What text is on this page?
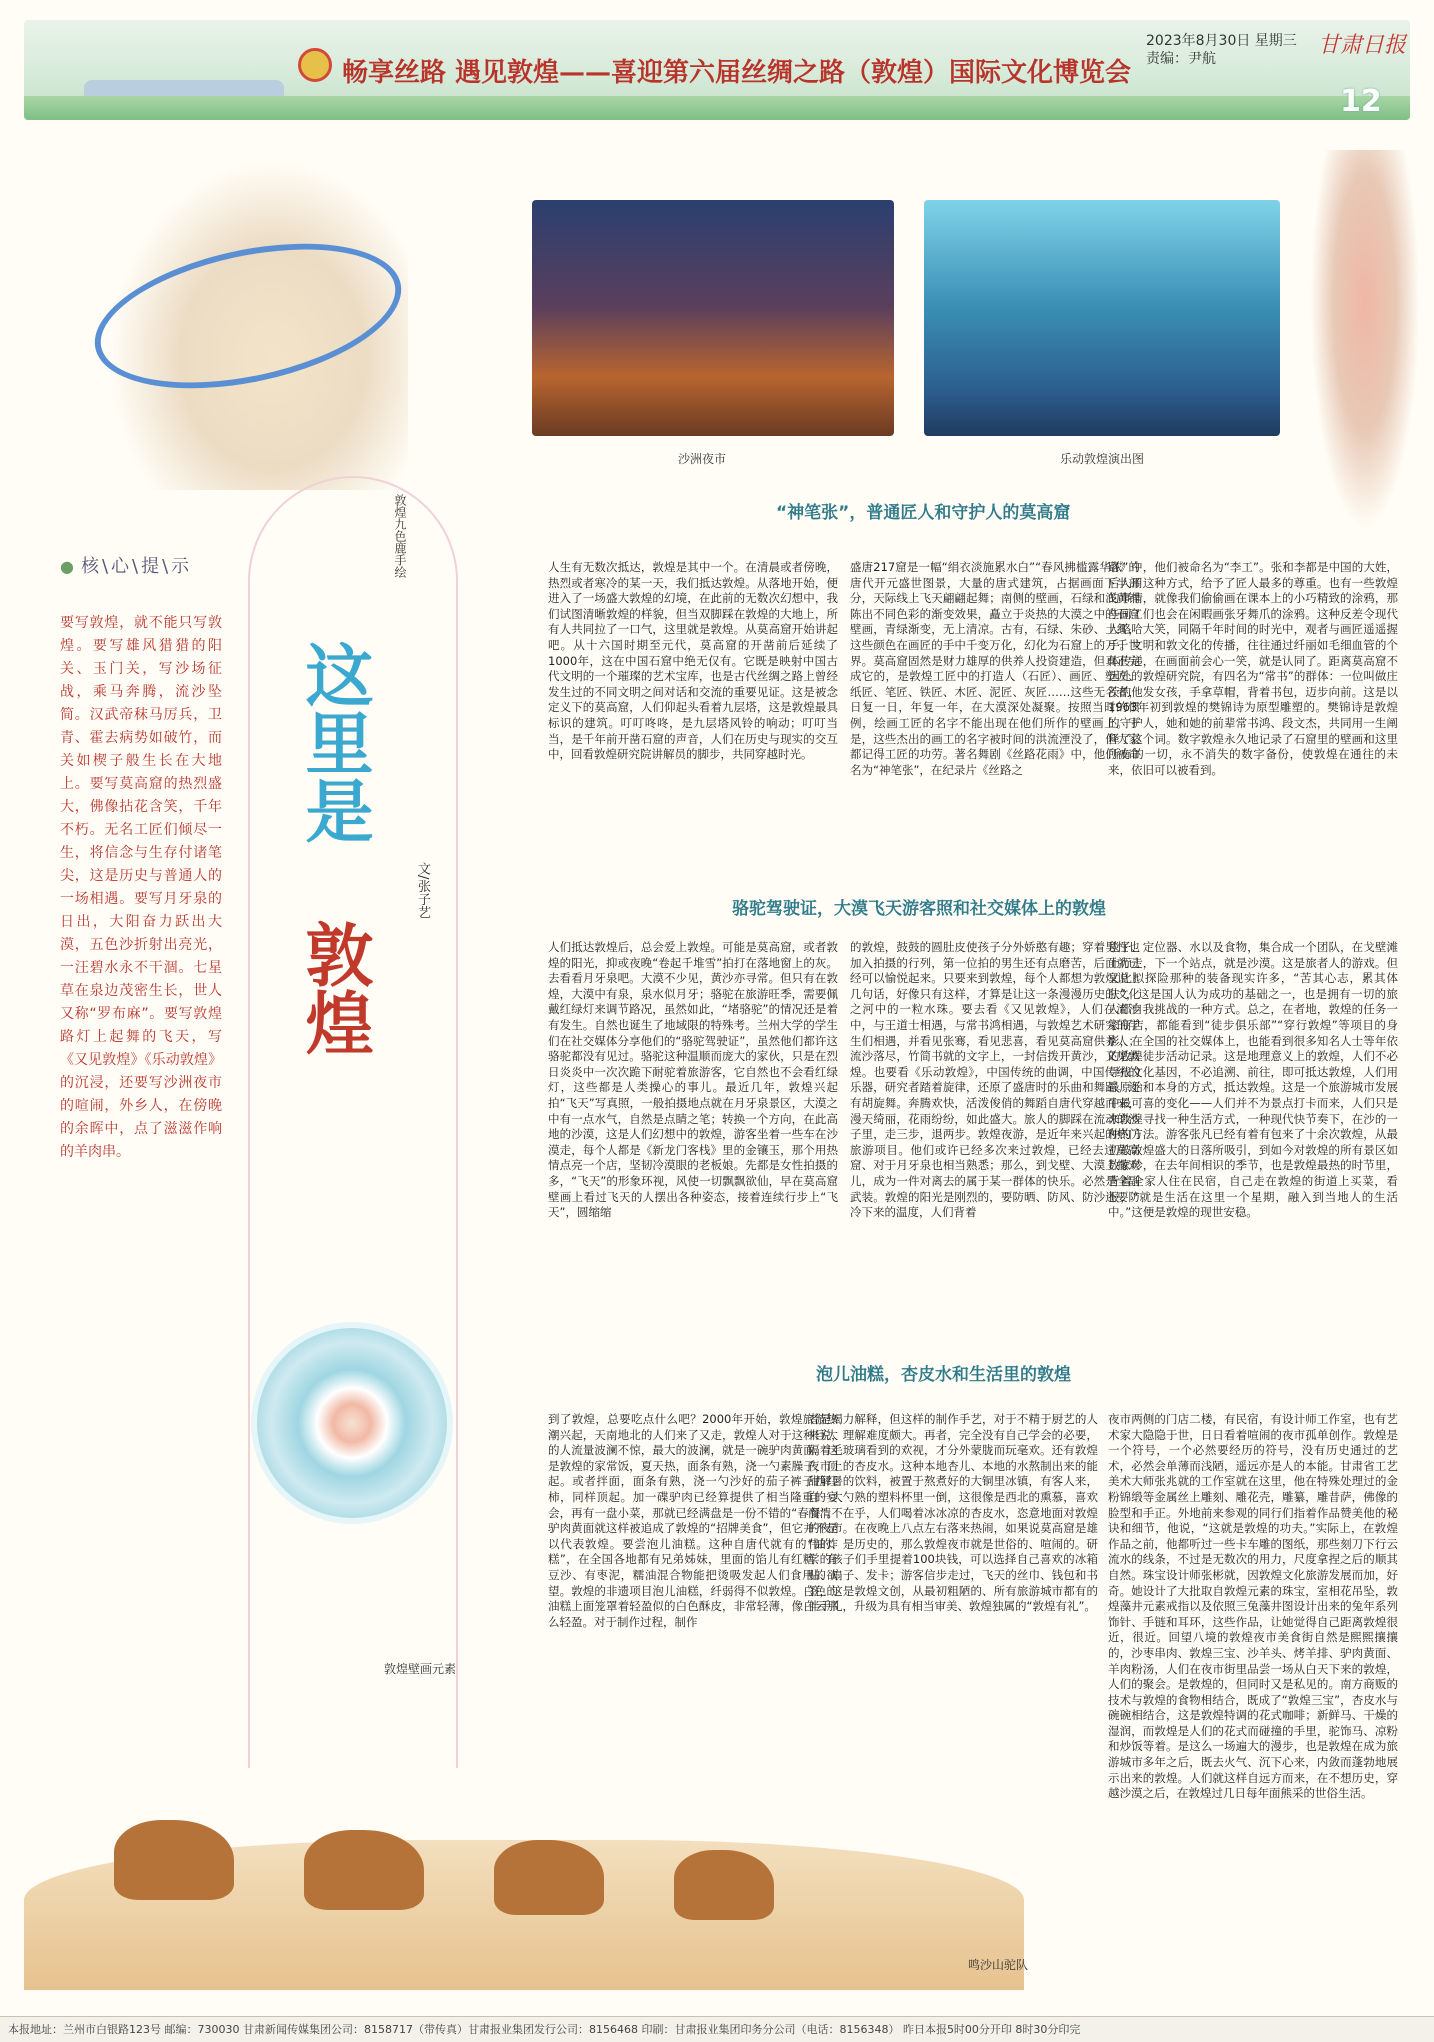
畅享丝路 遇见敦煌——喜迎第六届丝绸之路（敦煌）国际文化博览会
2023年8月30日 星期三
责编：尹航
甘肃日报
12
敦煌九色鹿手绘
沙洲夜市	乐动敦煌演出图
这里是
敦煌
文/张子艺
● 核\心\提\示
要写敦煌，就不能只写敦煌。要写雄风猎猎的阳关、玉门关，写沙场征战，乘马奔腾，流沙坠简。汉武帝秣马厉兵，卫青、霍去病势如破竹，而关如楔子般生长在大地上。要写莫高窟的热烈盛大，佛像拈花含笑，千年不朽。无名工匠们倾尽一生，将信念与生存付诸笔尖，这是历史与普通人的一场相遇。要写月牙泉的日出，大阳奋力跃出大漠，五色沙折射出亮光，一汪碧水永不干涸。七星草在泉边茂密生长，世人又称“罗布麻”。要写敦煌路灯上起舞的飞天，写《又见敦煌》《乐动敦煌》的沉浸，还要写沙洲夜市的喧闹，外乡人，在傍晚的余晖中，点了滋滋作响的羊肉串。
“神笔张”，普通匠人和守护人的莫高窟
人生有无数次抵达，敦煌是其中一个。在清晨或者傍晚，热烈或者寒冷的某一天，我们抵达敦煌。从落地开始，便进入了一场盛大敦煌的幻境，在此前的无数次幻想中，我们试图清晰敦煌的样貌，但当双脚踩在敦煌的大地上，所有人共同拉了一口气，这里就是敦煌。从莫高窟开始讲起吧。从十六国时期至元代，莫高窟的开凿前后延续了1000年，这在中国石窟中绝无仅有。它既是映射中国古代文明的一个璀璨的艺术宝库，也是古代丝绸之路上曾经发生过的不同文明之间对话和交流的重要见证。这是被念定义下的莫高窟，人们仰起头看着九层塔，这是敦煌最具标识的建筑。叮叮咚咚，是九层塔风铃的响动；叮叮当当，是千年前开凿石窟的声音，人们在历史与现实的交互中，回看敦煌研究院讲解员的脚步，共同穿越时光。
盛唐217窟是一幅“绢衣淡施累水白”“春风拂槛露华浓”的唐代开元盛世图景，大量的唐式建筑，占据画面下半部分，天际线上飞天翩翩起舞；南侧的壁画，石绿和浅黄铺陈出不同色彩的渐变效果，矗立于炎热的大漠之中的石窟壁画，青绿渐变，无上清凉。古有，石绿、朱砂、土红，这些颜色在画匠的手中千变万化，幻化为石窟上的万千世界。莫高窟固然是财力雄厚的供养人投资建造，但真正完成它的，是敦煌工匠中的打造人（石匠）、画匠、塑匠、纸匠、笔匠、铁匠、木匠、泥匠、灰匠……这些无名者，日复一日，年复一年，在大漠深处凝聚。按照当时的惯例，绘画工匠的名字不能出现在他们所作的壁画上。于是，这些杰出的画工的名字被时间的洪流湮没了，但大家都记得工匠的功劳。著名舞剧《丝路花雨》中，他们被命名为“神笔张”，在纪录片《丝路之
路》中，他们被命名为“李工”。张和李都是中国的大姓，后人用这种方式，给予了匠人最多的尊重。也有一些敦煌的事情，就像我们偷偷画在课本上的小巧精致的涂鸦，那些画工们也会在闲暇画张牙舞爪的涂鸦。这种反差令现代人略哈大笑，同隔千年时间的时光中，观者与画匠遥遥握手。文明和敦文化的传播，往往通过纤丽如毛细血管的个体传递，在画面前会心一笑，就是认同了。距离莫高窟不远处的敦煌研究院，有四名为“常书”的群体：一位叫做庄茨的他发女孩，手拿草帽，背着书包，迈步向前。这是以1963年初到敦煌的樊锦诗为原型雕塑的。樊锦诗是敦煌的守护人，她和她的前辈常书鸿、段文杰，共同用一生阐释了这个词。数字敦煌永久地记录了石窟里的壁画和这里所有的一切，永不消失的数字备份，使敦煌在通往的未来，依旧可以被看到。
骆驼驾驶证，大漠飞天游客照和社交媒体上的敦煌
人们抵达敦煌后，总会爱上敦煌。可能是莫高窟，或者敦煌的阳光，抑或夜晚“卷起千堆雪”拍打在落地窗上的灰。去看看月牙泉吧。大漠不少见，黄沙亦寻常。但只有在敦煌，大漠中有泉，泉水似月牙；骆驼在旅游旺季，需要佩戴红绿灯来调节路况，虽然如此，“堵骆驼”的情况还是着有发生。自然也诞生了地域限的特殊考。兰州大学的学生们在社交媒体分享他们的“骆驼驾驶证”，虽然他们都许这骆驼都没有见过。骆驼这种温顺而庞大的家伙，只是在烈日炎炎中一次次跪下耐驼着旅游客，它自然也不会看红绿灯，这些都是人类操心的事儿。最近几年，敦煌兴起拍“飞天”写真照，一般拍摄地点就在月牙泉景区，大漠之中有一点水气，自然是点睛之笔；转换一个方向，在此高地的沙漠，这是人们幻想中的敦煌，游客坐着一些车在沙漠走，每个人都是《新龙门客栈》里的金镶玉，那个用热情点亮一个店，坚韧冷漠眼的老板娘。先都是女性拍摄的多，“飞天”的形象环视，风使一切飘飘欲仙，早在莫高窟壁画上看过飞天的人摆出各种姿态，接着连续行步上“飞天”，圆缩缩
的敦煌，鼓鼓的圆肚皮使孩子分外娇憨有趣；穿着男性也加入拍摄的行列，第一位拍的男生还有点磨苦，后面就已经可以愉悦起来。只要来到敦煌，每个人都想为敦煌说上几句话，好像只有这样，才算是让这一条漫漫历史的文化之河中的一粒水珠。要去看《又见敦煌》，人们在流沙中，与王道士相遇，与常书鸿相遇，与敦煌艺术研究的学生们相遇，并看见张骞，看见悲喜，看见莫高窟供养人；流沙落尽，竹简书就的文字上，一封信拨开黄沙，又见敦煌。也要看《乐动敦煌》，中国传统的曲调，中国传统的乐器，研究者踏着旋律，还原了盛唐时的乐曲和舞蹈。还有胡旋舞。奔腾欢快，活泼俊俏的舞蹈自唐代穿越而来，漫天绮丽，花雨纷纷，如此盛大。旅人的脚踩在流动的沙子里，走三步，退两步。敦煌夜游，是近年来兴起的热门旅游项目。他们或许已经多次来过敦煌，已经去过莫高窟、对于月牙泉也相当熟悉；那么，到戈壁、大漠上撒欢儿，成为一件对离去的属于某一群体的快乐。必然是全副武装。敦煌的阳光是刚烈的，要防晒、防风、防沙还要防冷下来的温度，人们背着
毯子、定位器、水以及食物，集合成一个团队，在戈壁滩上行走，下一个站点，就是沙漠。这是旅者人的游戏。但又比拟探险那种的装备现实许多，“苦其心志，累其体肤”，这是国人认为成功的基础之一，也是拥有一切的旅人都自我挑战的一种方式。总之，在者地，敦煌的任务一家商店，都能看到“徒步俱乐部”“穿行敦煌”等项目的身影，在全国的社交媒体上，也能看到很多知名人士等年依的敦煌徒步活动记录。这是地理意义上的敦煌，人们不必寻找文化基因，不必追溯、前往，即可抵达敦煌，人们用最原始和本身的方式，抵达敦煌。这是一个旅游城市发展中最可喜的变化——人们并不为景点打卡而来，人们只是来敦煌寻找一种生活方式，一种现代快节奏下，在沙的一种的方法。游客张凡已经有着有包来了十余次敦煌，从最初被敦煌盛大的日落所吸引，到如今对敦煌的所有景区如数家珍，在去年间相识的季节，也是敦煌最热的时节里，背着全家人住在民宿，自己走在敦煌的街道上买菜，看报，“就是生活在这里一个星期，融入到当地人的生活中。”这便是敦煌的现世安稳。
泡儿油糕，杏皮水和生活里的敦煌
到了敦煌，总要吃点什么吧？2000年开始，敦煌旅游热潮兴起，天南地北的人们来了又走，敦煌人对于这种巨大的人流量波澜不惊，最大的波澜，就是一碗驴肉黄面。这是敦煌的家常饭，夏天热，面条有熟，浇一勺素臊子，顶起。或者拌面，面条有熟，浇一勺沙好的茄子裤子西红柿，同样顶起。加一碟驴肉已经算提供了相当隆重的宴会，再有一盘小菜，那就已经满盘是一份不错的“春餐”。驴肉黄面就这样被追成了敦煌的“招牌美食”，但它并不是以代表敦煌。要尝泡儿油糕。这种自唐代就有的“油炸糕”，在全国各地都有兄弟姊妹，里面的馅儿有红糖、有豆沙、有枣泥，糯油混合物能把烫吸发起人们食用的欲望。敦煌的非遗项目泡儿油糕，纤弱得不似敦煌。白色的油糕上面笼罩着轻盈似的白色酥皮，非常轻薄，像白云那么轻盈。对于制作过程，制作
者是竭力解释，但这样的制作手艺，对于不精于厨艺的人来说，理解难度颇大。再者，完全没有自己学会的必要，隔着毛玻璃看到的欢视，才分外蒙胧而玩毫欢。还有敦煌夜市上的杏皮水。这种本地杏儿、本地的水熬制出来的能甜解暑的饮料，被置于熬煮好的大铜里冰镇，有客人来，自一大勺熟的塑料杯里一倒，这很像是西北的熏慕，喜欢而清不在乎，人们喝着冰冰凉的杏皮水，恣意地面对敦煌的夜市。在夜晚上八点左右落来热闹，如果说莫高窟是雄伟的、是历史的，那么敦煌夜市就是世俗的、喧闹的。研学的孩子们手里提着100块钱，可以选择自己喜欢的冰箱贴、扇子、发卡；游客信步走过，飞天的丝巾、钱包和书签，这是敦煌文创，从最初粗陋的、所有旅游城市都有的伴手礼，升级为具有相当审美、敦煌独属的“敦煌有礼”。
夜市两侧的门店二楼，有民宿，有设计师工作室，也有艺术家大隐隐于世，日日看着喧闹的夜市孤单创作。敦煌是一个符号，一个必然要经历的符号，没有历史通过的艺术，必然会单薄而浅陋，遥远亦是人的本能。甘肃省工艺美术大师张兆就的工作室就在这里，他在特殊处理过的金粉锦缎等金属丝上雕刻、雕花壳，雕纂，雕昔萨，佛像的脸型和手正。外地前来参观的同行们指着作品赞美他的秘诀和细节，他说，“这就是敦煌的功夫。”实际上，在敦煌作品之前，他都听过一些卡车雕的图纸，那些刻刀下行云流水的线条，不过是无数次的用力，尺度拿捏之后的顺其自然。珠宝设计师张彬就，因敦煌文化旅游发展而加，好奇。她设计了大批取自敦煌元素的珠宝，室相花吊坠，敦煌藻井元素戒指以及依照三兔藻井图设计出来的兔年系列饰针、手链和耳环，这些作品，让她觉得自己距离敦煌很近，很近。回望八境的敦煌夜市美食街自然是熙熙攘攘的，沙枣串肉、敦煌三宝、沙羊头、烤羊排、驴肉黄面、羊肉粉汤，人们在夜市街里品尝一场从白天下来的敦煌，人们的聚会。是敦煌的，但同时又是私见的。南方商贩的技术与敦煌的食物相结合，既成了“敦煌三宝”，杏皮水与碗碗相结合，这是敦煌特调的花式咖啡；新鲜马、干燥的湿润，而敦煌是人们的花式而碰撞的手里，驼饰马、凉粉和炒饭等着。是这么一场遍大的漫步，也是敦煌在成为旅游城市多年之后，既去火气、沉下心来，内敛而蓬勃地展示出来的敦煌。人们就这样自远方而来，在不想历史，穿越沙漠之后，在敦煌过几日每年面熊采的世俗生活。
敦煌壁画元素
鸣沙山驼队
本报地址：兰州市白银路123号 邮编：730030 甘肃新闻传媒集团公司：8158717（带传真）甘肃报业集团发行公司：8156468 印刷：甘肃报业集团印务分公司（电话：8156348） 昨日本报5时00分开印 8时30分印完
